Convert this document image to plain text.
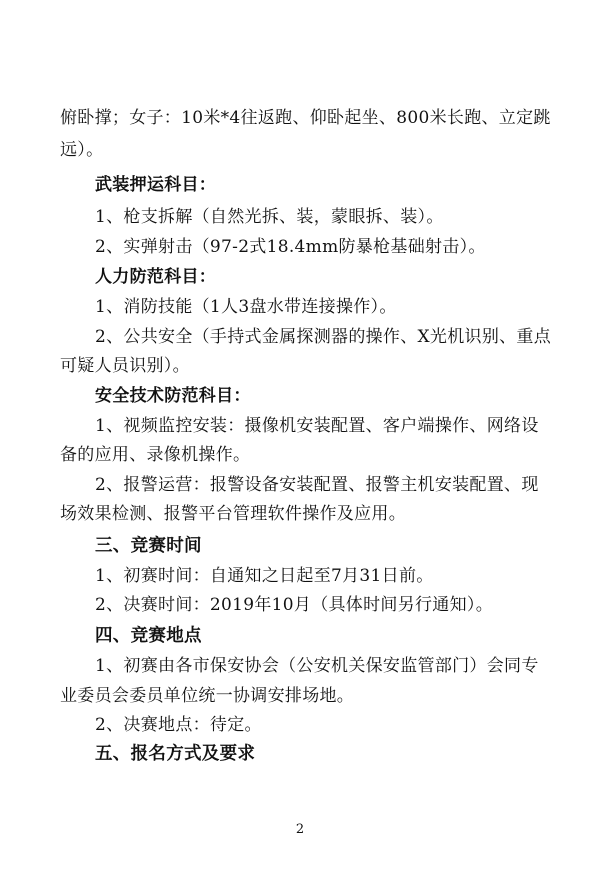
俯卧撑；女子：10米*4往返跑、仰卧起坐、800米长跑、立定跳

远）。

武装押运科目：

1、枪支拆解（自然光拆、装，蒙眼拆、装）。

2、实弹射击（97-2式18.4mm防暴枪基础射击）。

人力防范科目：

1、消防技能（1人3盘水带连接操作）。

2、公共安全（手持式金属探测器的操作、X光机识别、重点

可疑人员识别）。

安全技术防范科目：

1、视频监控安装：摄像机安装配置、客户端操作、网络设

备的应用、录像机操作。

2、报警运营：报警设备安装配置、报警主机安装配置、现

场效果检测、报警平台管理软件操作及应用。

三、竞赛时间

1、初赛时间：自通知之日起至7月31日前。

2、决赛时间：2019年10月（具体时间另行通知）。

四、竞赛地点

1、初赛由各市保安协会（公安机关保安监管部门）会同专

业委员会委员单位统一协调安排场地。

2、决赛地点：待定。

五、报名方式及要求

2
